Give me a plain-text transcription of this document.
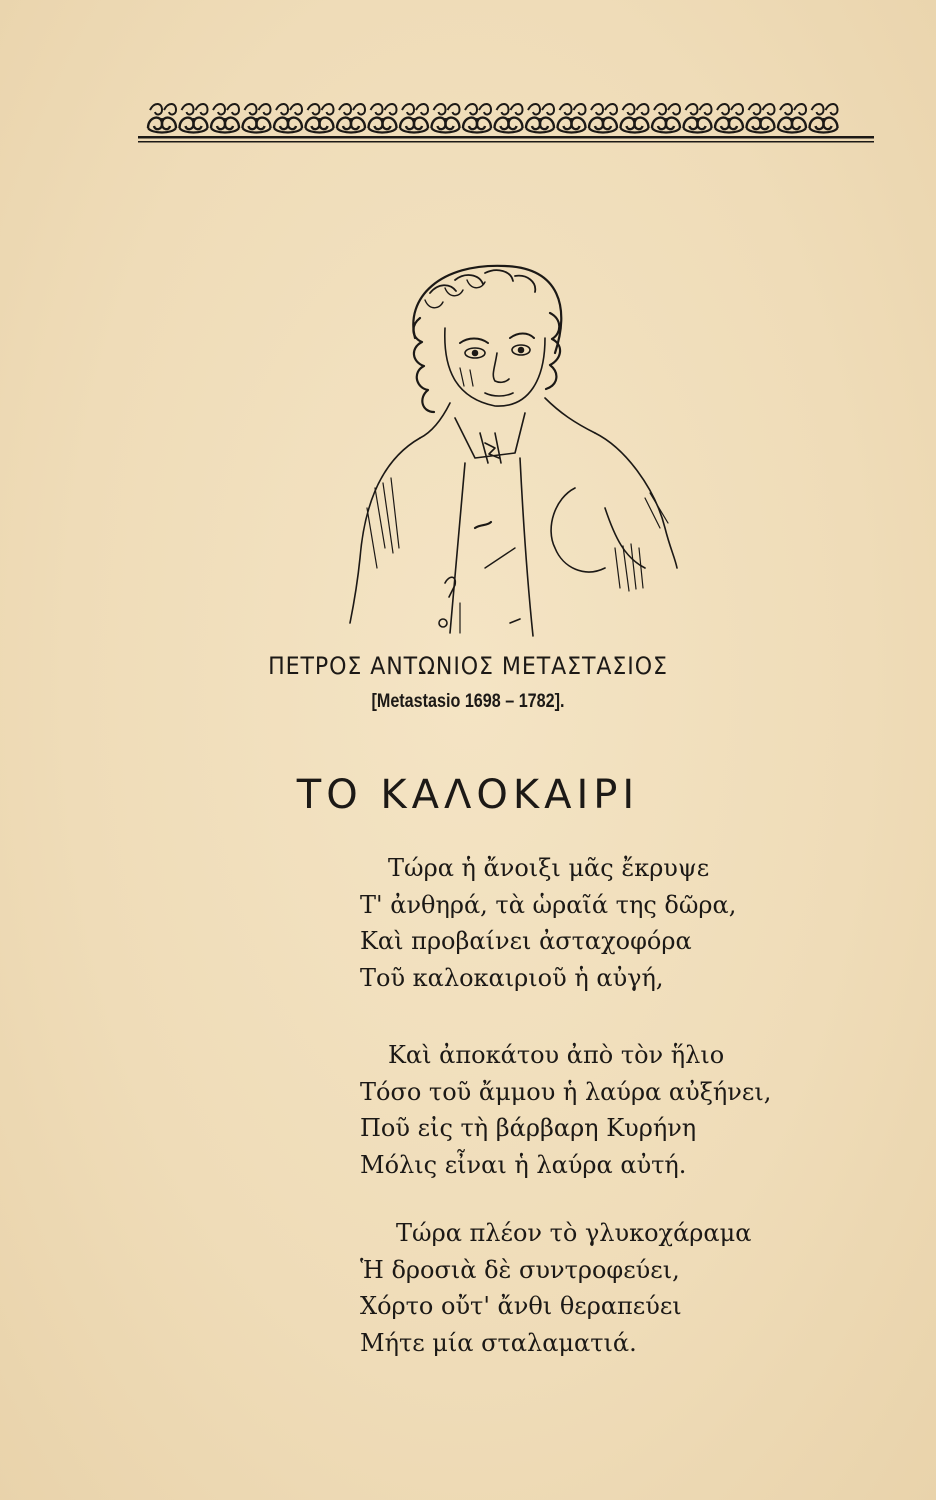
ΠΕΤΡΟΣ ΑΝΤΩΝΙΟΣ ΜΕΤΑΣΤΑΣΙΟΣ
[Metastasio 1698 – 1782].
ΤΟ ΚΑΛΟΚΑΙΡΙ
Τώρα ἡ ἄνοιξι μᾶς ἔκρυψε
Τ' ἀνθηρά, τὰ ὡραῖά της δῶρα,
Καὶ προβαίνει ἀσταχοφόρα
Τοῦ καλοκαιριοῦ ἡ αὐγή,
Καὶ ἀποκάτου ἀπὸ τὸν ἥλιο
Τόσο τοῦ ἄμμου ἡ λαύρα αὐξήνει,
Ποῦ εἰς τὴ βάρβαρη Κυρήνη
Μόλις εἶναι ἡ λαύρα αὐτή.
Τώρα πλέον τὸ γλυκοχάραμα
Ἡ δροσιὰ δὲ συντροφεύει,
Χόρτο οὔτ' ἄνθι θεραπεύει
Μήτε μία σταλαματιά.
